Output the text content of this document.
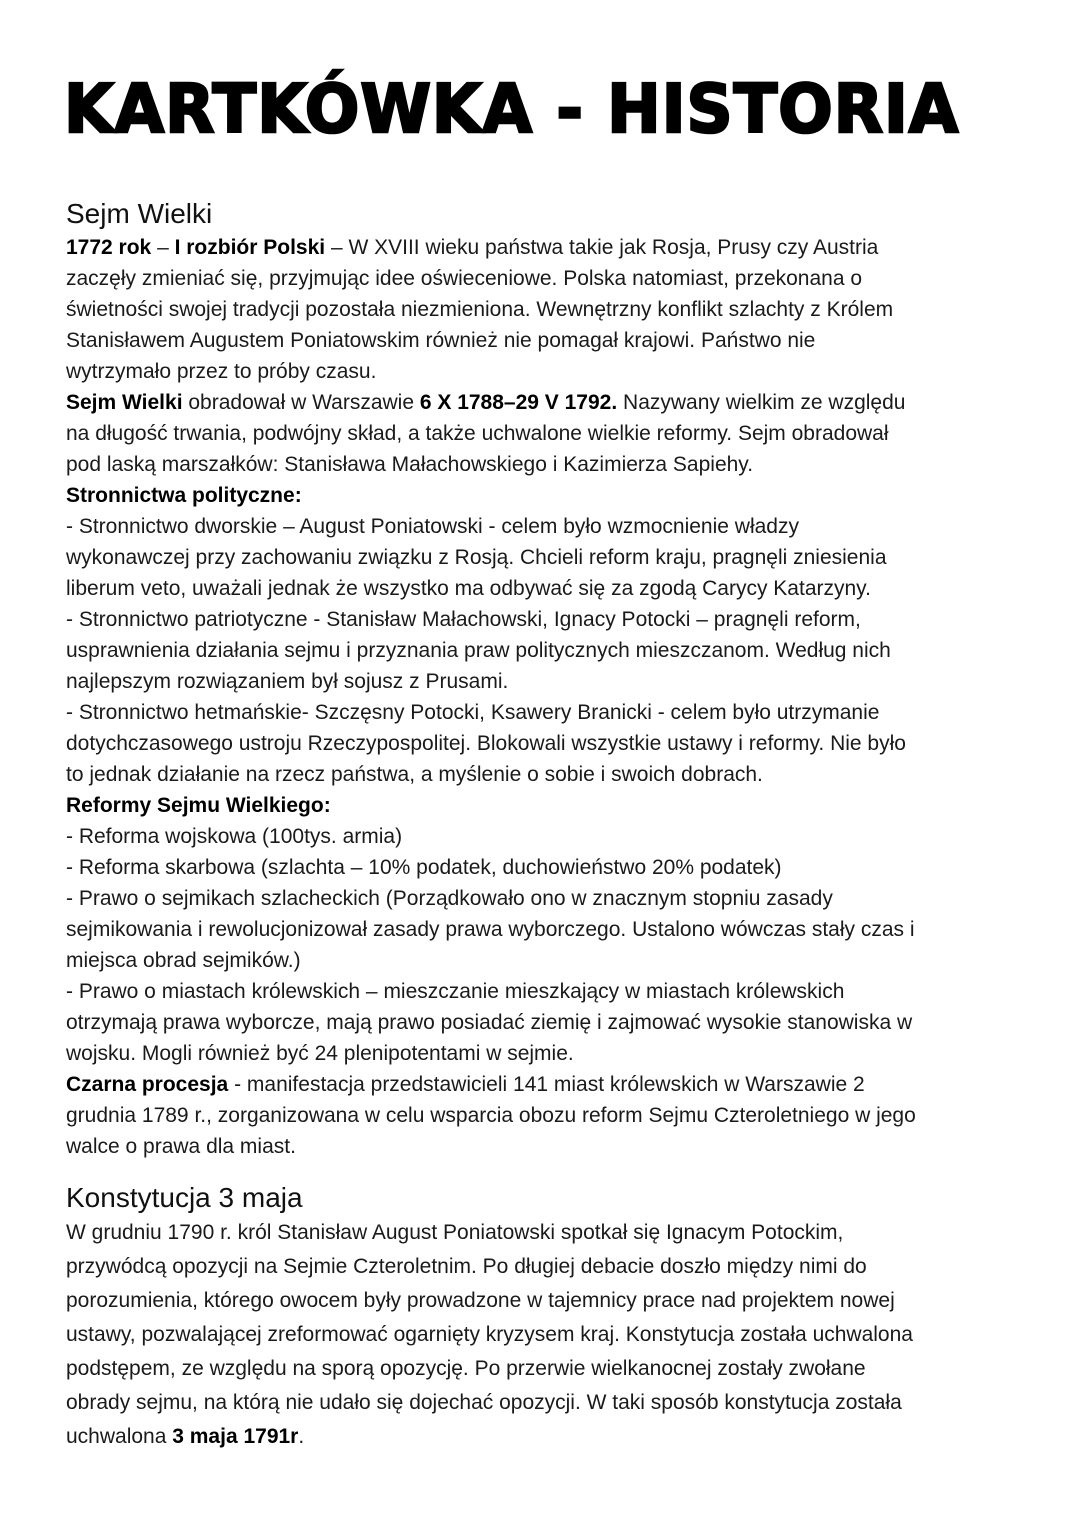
KARTKÓWKA - HISTORIA
Sejm Wielki
1772 rok – I rozbiór Polski – W XVIII wieku państwa takie jak Rosja, Prusy czy Austria
zaczęły zmieniać się, przyjmując idee oświeceniowe. Polska natomiast, przekonana o
świetności swojej tradycji pozostała niezmieniona. Wewnętrzny konflikt szlachty z Królem
Stanisławem Augustem Poniatowskim również nie pomagał krajowi. Państwo nie
wytrzymało przez to próby czasu.
Sejm Wielki obradował w Warszawie 6 X 1788–29 V 1792. Nazywany wielkim ze względu
na długość trwania, podwójny skład, a także uchwalone wielkie reformy. Sejm obradował
pod laską marszałków: Stanisława Małachowskiego i Kazimierza Sapiehy.
Stronnictwa polityczne:
- Stronnictwo dworskie – August Poniatowski - celem było wzmocnienie władzy
wykonawczej przy zachowaniu związku z Rosją. Chcieli reform kraju, pragnęli zniesienia
liberum veto, uważali jednak że wszystko ma odbywać się za zgodą Carycy Katarzyny.
- Stronnictwo patriotyczne - Stanisław Małachowski, Ignacy Potocki – pragnęli reform,
usprawnienia działania sejmu i przyznania praw politycznych mieszczanom. Według nich
najlepszym rozwiązaniem był sojusz z Prusami.
- Stronnictwo hetmańskie- Szczęsny Potocki, Ksawery Branicki - celem było utrzymanie
dotychczasowego ustroju Rzeczypospolitej. Blokowali wszystkie ustawy i reformy. Nie było
to jednak działanie na rzecz państwa, a myślenie o sobie i swoich dobrach.
Reformy Sejmu Wielkiego:
- Reforma wojskowa (100tys. armia)
- Reforma skarbowa (szlachta – 10% podatek, duchowieństwo 20% podatek)
- Prawo o sejmikach szlacheckich (Porządkowało ono w znacznym stopniu zasady
sejmikowania i rewolucjonizował zasady prawa wyborczego. Ustalono wówczas stały czas i
miejsca obrad sejmików.)
- Prawo o miastach królewskich – mieszczanie mieszkający w miastach królewskich
otrzymają prawa wyborcze, mają prawo posiadać ziemię i zajmować wysokie stanowiska w
wojsku. Mogli również być 24 plenipotentami w sejmie.
Czarna procesja - manifestacja przedstawicieli 141 miast królewskich w Warszawie 2
grudnia 1789 r., zorganizowana w celu wsparcia obozu reform Sejmu Czteroletniego w jego
walce o prawa dla miast.
Konstytucja 3 maja
W grudniu 1790 r. król Stanisław August Poniatowski spotkał się Ignacym Potockim,
przywódcą opozycji na Sejmie Czteroletnim. Po długiej debacie doszło między nimi do
porozumienia, którego owocem były prowadzone w tajemnicy prace nad projektem nowej
ustawy, pozwalającej zreformować ogarnięty kryzysem kraj. Konstytucja została uchwalona
podstępem, ze względu na sporą opozycję. Po przerwie wielkanocnej zostały zwołane
obrady sejmu, na którą nie udało się dojechać opozycji. W taki sposób konstytucja została
uchwalona 3 maja 1791r.
